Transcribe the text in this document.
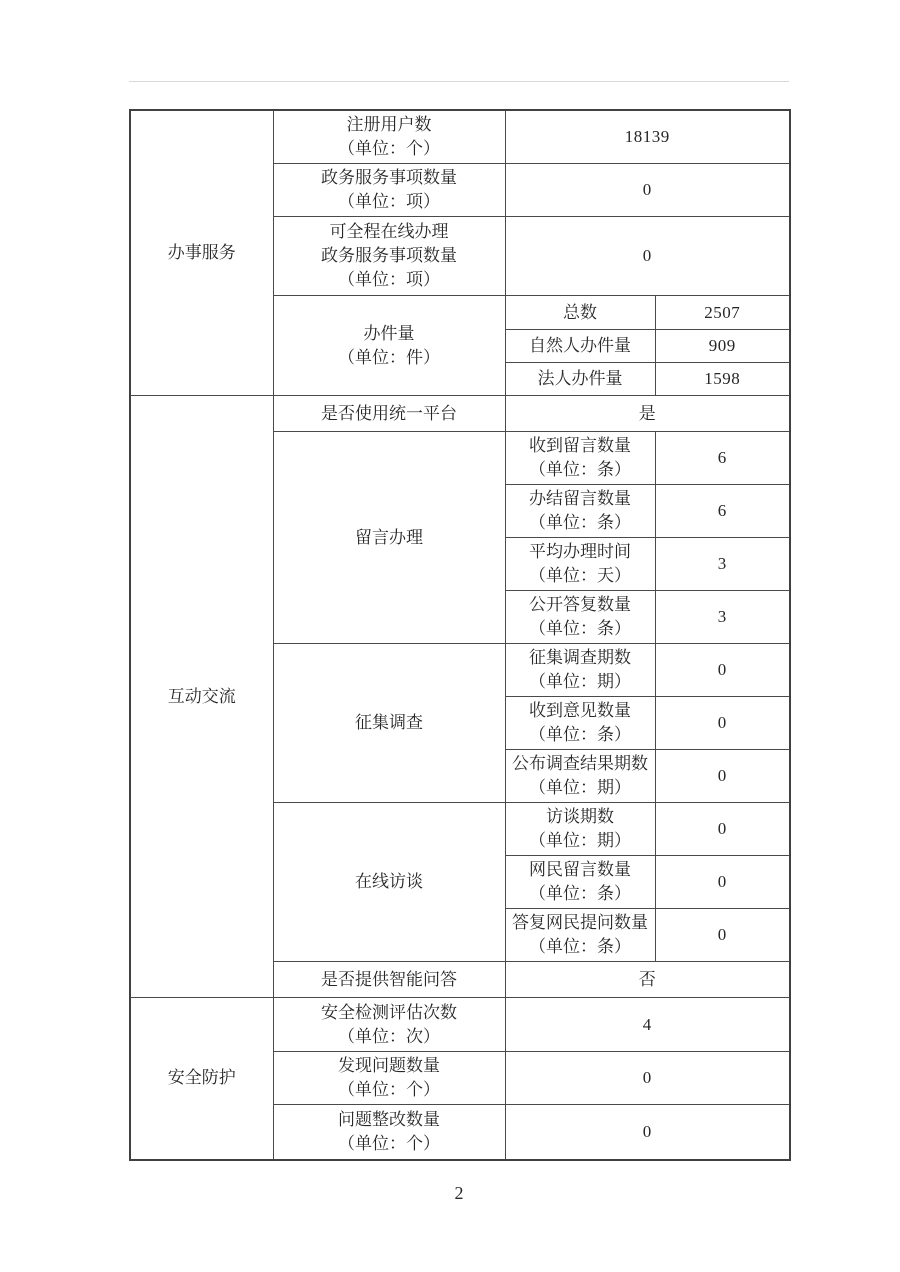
办事服务	注册用户数
（单位：个）	18139	

	政务服务事项数量
（单位：项）	0	

	可全程在线办理
政务服务事项数量
（单位：项）	0	

	办件量
（单位：件）	总数	2507
		自然人办件量	909
		法人办件量	1598
互动交流	是否使用统一平台	是	
	留言办理	收到留言数量
（单位：条）	6

		办结留言数量
（单位：条）	6

		平均办理时间
（单位：天）	3

		公开答复数量
（单位：条）	3
	征集调查	征集调查期数
（单位：期）	0

		收到意见数量
（单位：条）	0

		公布调查结果期数
（单位：期）	0
	在线访谈	访谈期数
（单位：期）	0

		网民留言数量
（单位：条）	0

		答复网民提问数量
（单位：条）	0
	是否提供智能问答	否	
安全防护	安全检测评估次数
（单位：次）	4	

	发现问题数量
（单位：个）	0	

	问题整改数量
（单位：个）	0	
2
